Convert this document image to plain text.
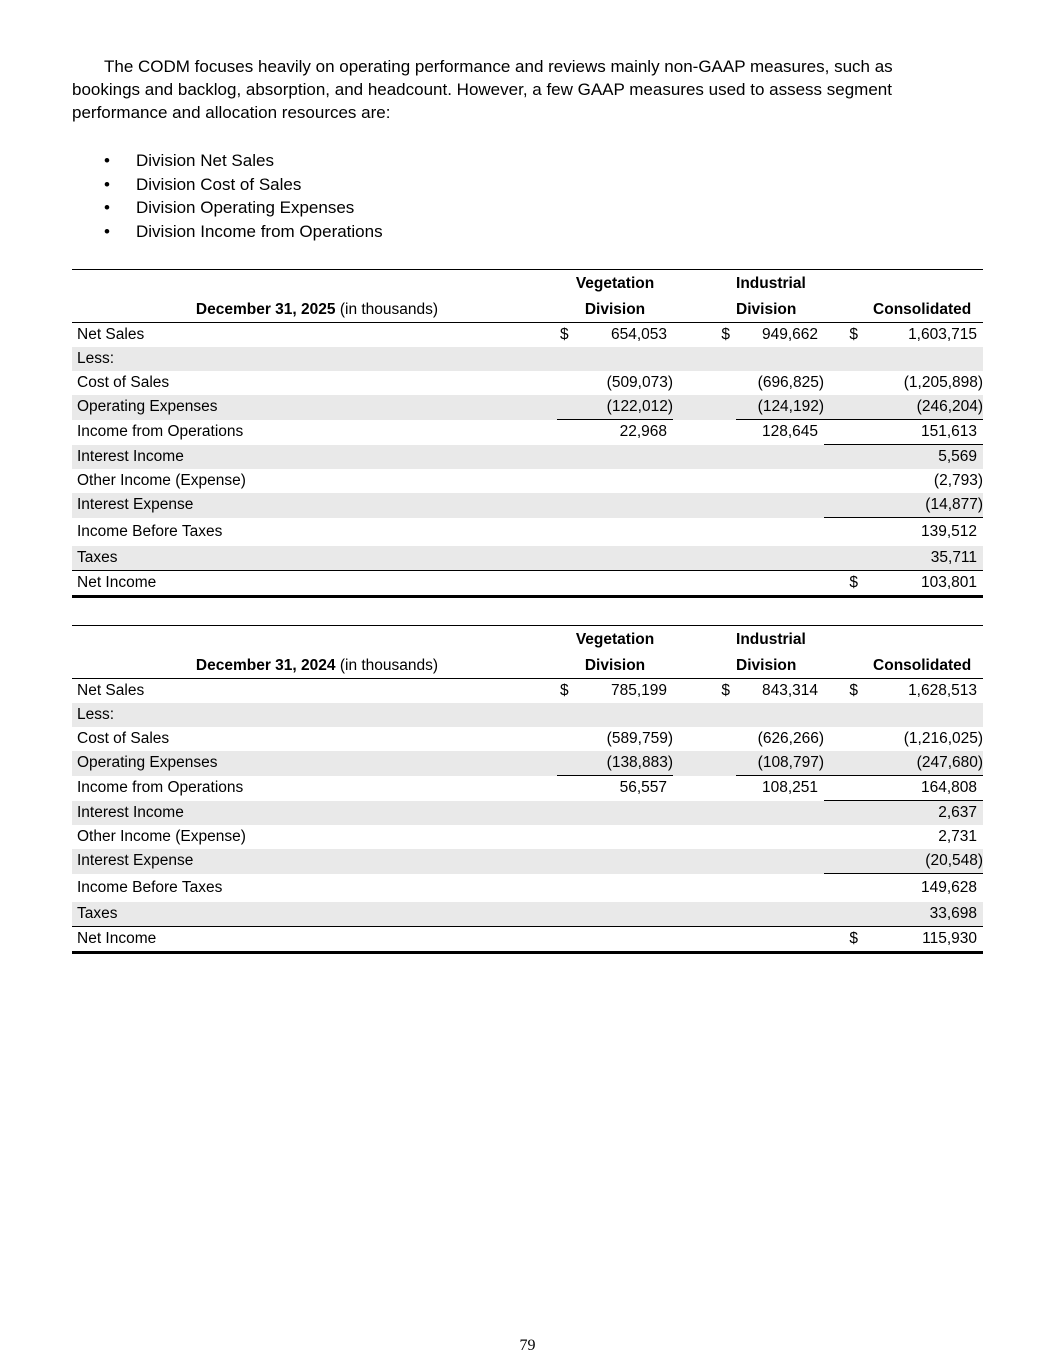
The CODM focuses heavily on operating performance and reviews mainly non-GAAP measures, such as bookings and backlog, absorption, and headcount. However, a few GAAP measures used to assess segment performance and allocation resources are:

• Division Net Sales
• Division Cost of Sales
• Division Operating Expenses
• Division Income from Operations
	Vegetation			Industrial		
December 31, 2025 (in thousands)	Division			Division		Consolidated
Net Sales	$	654,053	$	949,662	$	1,603,715
Less:						
Cost of Sales		(509,073)		(696,825)		(1,205,898)
Operating Expenses		(122,012)		(124,192)		(246,204)
Income from Operations		22,968		128,645		151,613
Interest Income						5,569
Other Income (Expense)						(2,793)
Interest Expense						(14,877)
Income Before Taxes						139,512
Taxes						35,711
Net Income					$	103,801
	Vegetation			Industrial		
December 31, 2024 (in thousands)	Division			Division		Consolidated
Net Sales	$	785,199	$	843,314	$	1,628,513
Less:						
Cost of Sales		(589,759)		(626,266)		(1,216,025)
Operating Expenses		(138,883)		(108,797)		(247,680)
Income from Operations		56,557		108,251		164,808
Interest Income						2,637
Other Income (Expense)						2,731
Interest Expense						(20,548)
Income Before Taxes						149,628
Taxes						33,698
Net Income					$	115,930
79
